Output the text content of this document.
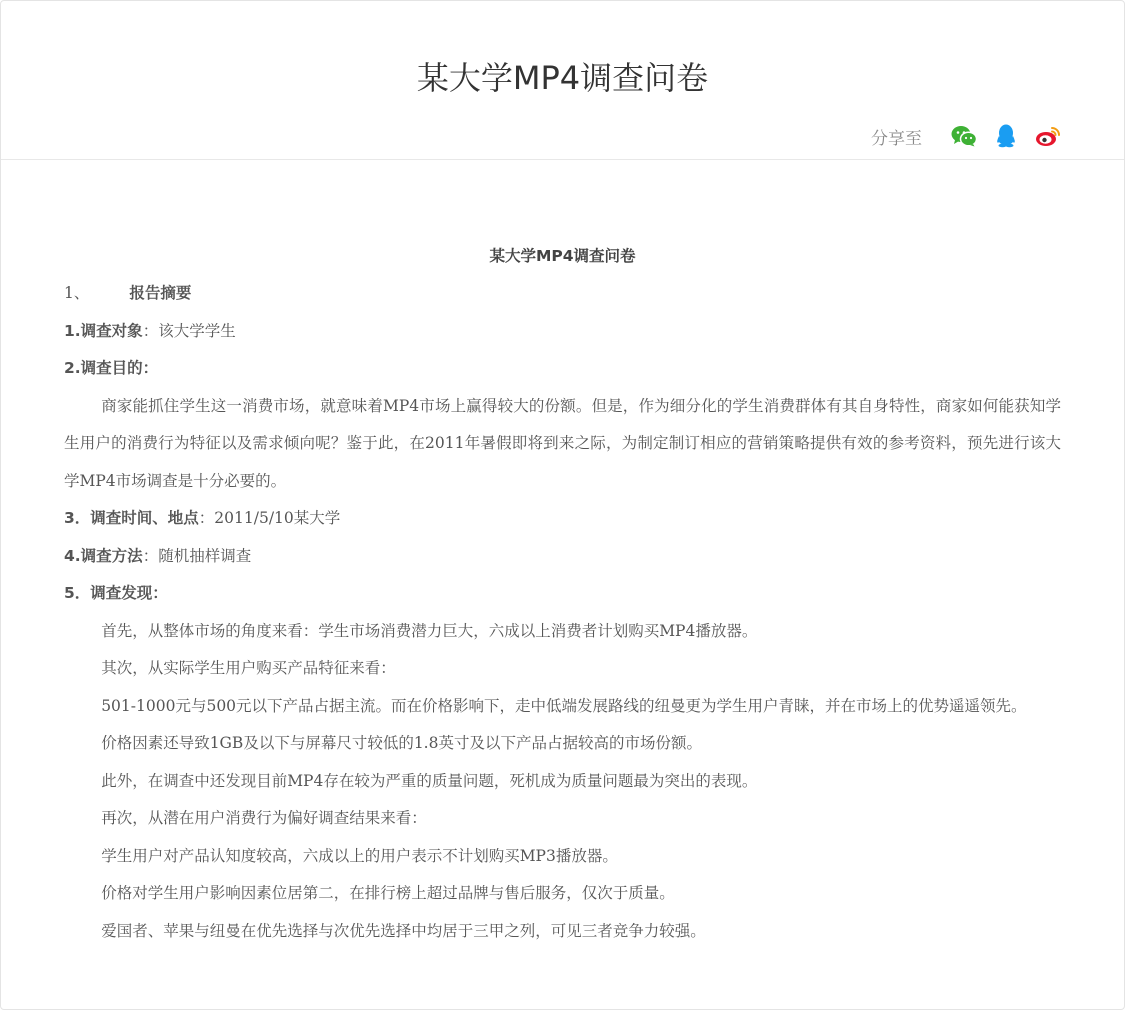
某大学MP4调查问卷
分享至
某大学MP4调查问卷
1、	报告摘要
1.调查对象：该大学学生
2.调查目的：
商家能抓住学生这一消费市场，就意味着MP4市场上赢得较大的份额。但是，作为细分化的学生消费群体有其自身特性，商家如何能获知学生用户的消费行为特征以及需求倾向呢？鉴于此，在2011年暑假即将到来之际，为制定制订相应的营销策略提供有效的参考资料，预先进行该大学MP4市场调查是十分必要的。
3．调查时间、地点：2011/5/10某大学
4.调查方法：随机抽样调查
5．调查发现：
首先，从整体市场的角度来看：学生市场消费潜力巨大，六成以上消费者计划购买MP4播放器。
其次，从实际学生用户购买产品特征来看：
501-1000元与500元以下产品占据主流。而在价格影响下，走中低端发展路线的纽曼更为学生用户青睐，并在市场上的优势遥遥领先。
价格因素还导致1GB及以下与屏幕尺寸较低的1.8英寸及以下产品占据较高的市场份额。
此外，在调查中还发现目前MP4存在较为严重的质量问题，死机成为质量问题最为突出的表现。
再次，从潜在用户消费行为偏好调查结果来看：
学生用户对产品认知度较高，六成以上的用户表示不计划购买MP3播放器。
价格对学生用户影响因素位居第二，在排行榜上超过品牌与售后服务，仅次于质量。
爱国者、苹果与纽曼在优先选择与次优先选择中均居于三甲之列，可见三者竞争力较强。
